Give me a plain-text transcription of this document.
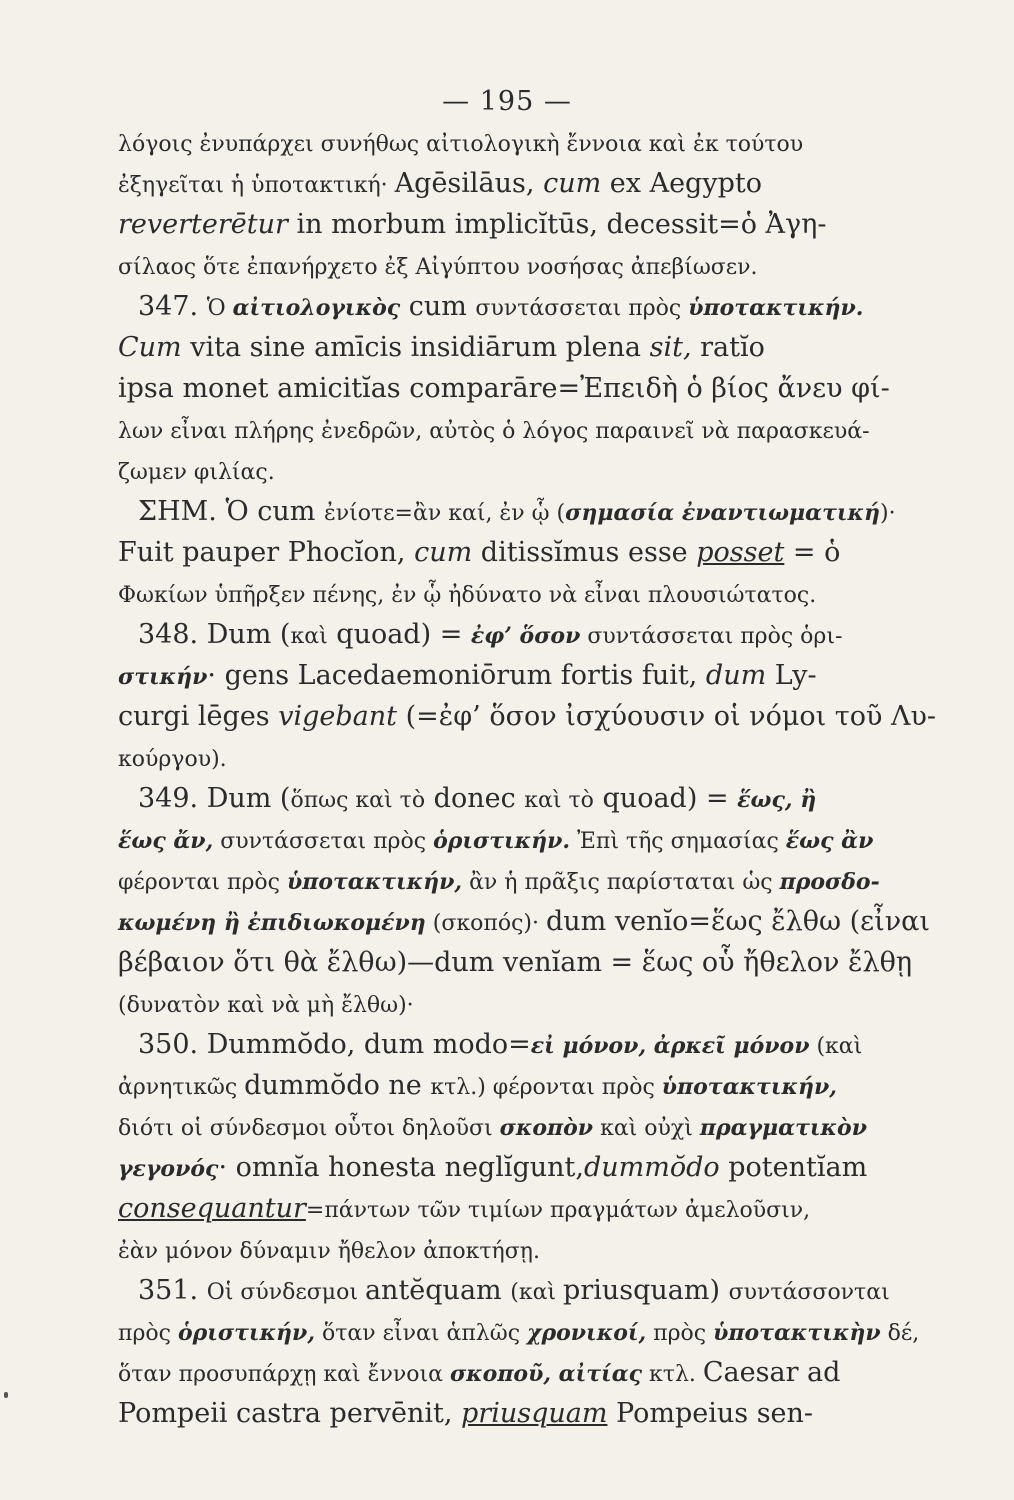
— 195 —
λόγοις ἐνυπάρχει συνήθως αἰτιολογικὴ ἔννοια καὶ ἐκ τούτου
ἐξηγεῖται ἡ ὑποτακτική· Agēsilāus, cum ex Aegypto
reverterētur in morbum implicĭtūs, decessit=ὁ Ἀγη-
σίλαος ὅτε ἐπανήρχετο ἐξ Αἰγύπτου νοσήσας ἀπεβίωσεν.
347. Ὁ αἰτιολογικὸς cum συντάσσεται πρὸς ὑποτακτικήν.
Cum vita sine amīcis insidiārum plena sit, ratĭo
ipsa monet amicitĭas comparāre=Ἐπειδὴ ὁ βίος ἄνευ φί-
λων εἶναι πλήρης ἐνεδρῶν, αὐτὸς ὁ λόγος παραινεῖ νὰ παρασκευά-
ζωμεν φιλίας.
ΣΗΜ. Ὁ cum ἐνίοτε=ἂν καί, ἐν ᾧ (σημασία ἐναντιωματική)·
Fuit pauper Phocĭon, cum ditissĭmus esse posset = ὁ
Φωκίων ὑπῆρξεν πένης, ἐν ᾧ ἠδύνατο νὰ εἶναι πλουσιώτατος.
348. Dum (καὶ quoad) = ἐφ’ ὅσον συντάσσεται πρὸς ὁρι-
στικήν· gens Lacedaemoniōrum fortis fuit, dum Ly-
curgi lēges vigebant (=ἐφ’ ὅσον ἰσχύουσιν οἱ νόμοι τοῦ Λυ-
κούργου).
349. Dum (ὅπως καὶ τὸ donec καὶ τὸ quoad) = ἕως, ἢ
ἕως ἄν, συντάσσεται πρὸς ὁριστικήν. Ἐπὶ τῆς σημασίας ἕως ἂν
φέρονται πρὸς ὑποτακτικήν, ἂν ἡ πρᾶξις παρίσταται ὡς προσδο-
κωμένη ἢ ἐπιδιωκομένη (σκοπός)· dum venĭo=ἕως ἔλθω (εἶναι
βέβαιον ὅτι θὰ ἔλθω)—dum venĭam = ἕως οὗ ἤθελον ἔλθῃ
(δυνατὸν καὶ νὰ μὴ ἔλθω)·
350. Dummŏdo, dum modo=εἰ μόνον, ἀρκεῖ μόνον (καὶ
ἀρνητικῶς dummŏdo ne κτλ.) φέρονται πρὸς ὑποτακτικήν,
διότι οἱ σύνδεσμοι οὗτοι δηλοῦσι σκοπὸν καὶ οὐχὶ πραγματικὸν
γεγονός· omnĭa honesta neglĭgunt,dummŏdo potentĭam
consequantur=πάντων τῶν τιμίων πραγμάτων ἀμελοῦσιν,
ἐὰν μόνον δύναμιν ἤθελον ἀποκτήσῃ.
351. Οἱ σύνδεσμοι antĕquam (καὶ priusquam) συντάσσονται
πρὸς ὁριστικήν, ὅταν εἶναι ἁπλῶς χρονικοί, πρὸς ὑποτακτικὴν δέ,
ὅταν προσυπάρχῃ καὶ ἔννοια σκοποῦ, αἰτίας κτλ. Caesar ad
Pompeii castra pervēnit, priusquam Pompeius sen-
